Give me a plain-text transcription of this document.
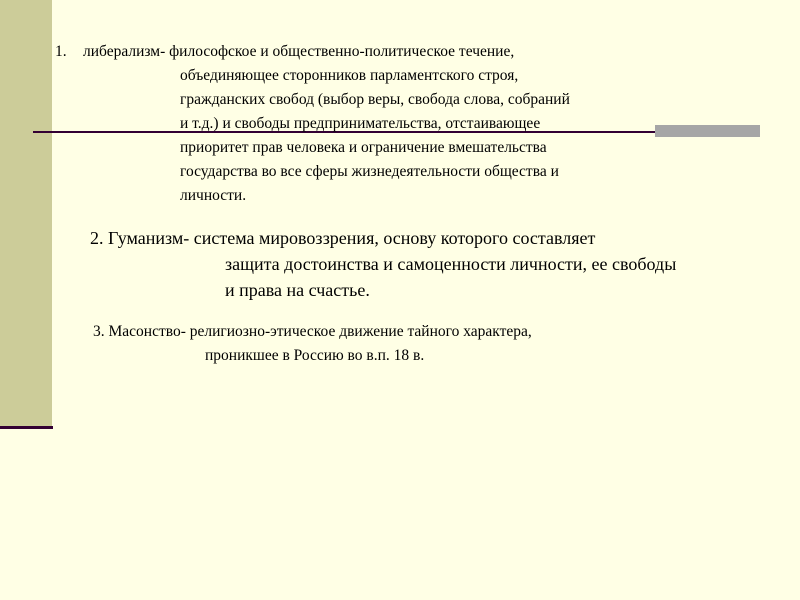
1. либерализм- философское и общественно-политическое течение,
объединяющее сторонников парламентского строя,
гражданских свобод (выбор веры, свобода слова, собраний
и т.д.) и свободы предпринимательства, отстаивающее
приоритет прав человека и ограничение вмешательства
государства во все сферы жизнедеятельности общества и
личности.
2. Гуманизм- система мировоззрения, основу которого составляет
защита достоинства и самоценности личности, ее свободы
и права на счастье.
3. Масонство- религиозно-этическое движение тайного характера,
проникшее в Россию во в.п. 18 в.
